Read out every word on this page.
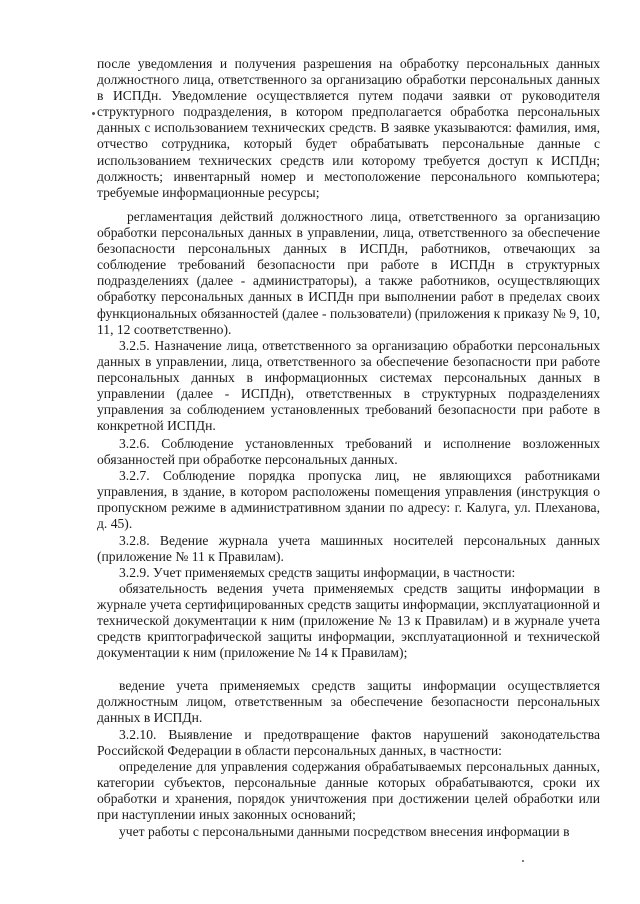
после уведомления и получения разрешения на обработку персональных данных должностного лица, ответственного за организацию обработки персональных данных в ИСПДн. Уведомление осуществляется путем подачи заявки от руководителя структурного подразделения, в котором предполагается обработка персональных данных с использованием технических средств. В заявке указываются: фамилия, имя, отчество сотрудника, который будет обрабатывать персональные данные с использованием технических средств или которому требуется доступ к ИСПДн; должность; инвентарный номер и местоположение персонального компьютера; требуемые информационные ресурсы;

регламентация действий должностного лица, ответственного за организацию обработки персональных данных в управлении, лица, ответственного за обеспечение безопасности персональных данных в ИСПДн, работников, отвечающих за соблюдение требований безопасности при работе в ИСПДн в структурных подразделениях (далее - администраторы), а также работников, осуществляющих обработку персональных данных в ИСПДн при выполнении работ в пределах своих функциональных обязанностей (далее - пользователи) (приложения к приказу № 9, 10, 11, 12 соответственно).

3.2.5. Назначение лица, ответственного за организацию обработки персональных данных в управлении, лица, ответственного за обеспечение безопасности при работе персональных данных в информационных системах персональных данных в управлении (далее - ИСПДн), ответственных в структурных подразделениях управления за соблюдением установленных требований безопасности при работе в конкретной ИСПДн.

3.2.6. Соблюдение установленных требований и исполнение возложенных обязанностей при обработке персональных данных.

3.2.7. Соблюдение порядка пропуска лиц, не являющихся работниками управления, в здание, в котором расположены помещения управления (инструкция о пропускном режиме в административном здании по адресу: г. Калуга, ул. Плеханова, д. 45).

3.2.8. Ведение журнала учета машинных носителей персональных данных (приложение № 11 к Правилам).

3.2.9. Учет применяемых средств защиты информации, в частности:

обязательность ведения учета применяемых средств защиты информации в журнале учета сертифицированных средств защиты информации, эксплуатационной и технической документации к ним (приложение № 13 к Правилам) и в журнале учета средств криптографической защиты информации, эксплуатационной и технической документации к ним (приложение № 14 к Правилам);

ведение учета применяемых средств защиты информации осуществляется должностным лицом, ответственным за обеспечение безопасности персональных данных в ИСПДн.

3.2.10. Выявление и предотвращение фактов нарушений законодательства Российской Федерации в области персональных данных, в частности:

определение для управления содержания обрабатываемых персональных данных, категории субъектов, персональные данные которых обрабатываются, сроки их обработки и хранения, порядок уничтожения при достижении целей обработки или при наступлении иных законных оснований;

учет работы с персональными данными посредством внесения информации в
